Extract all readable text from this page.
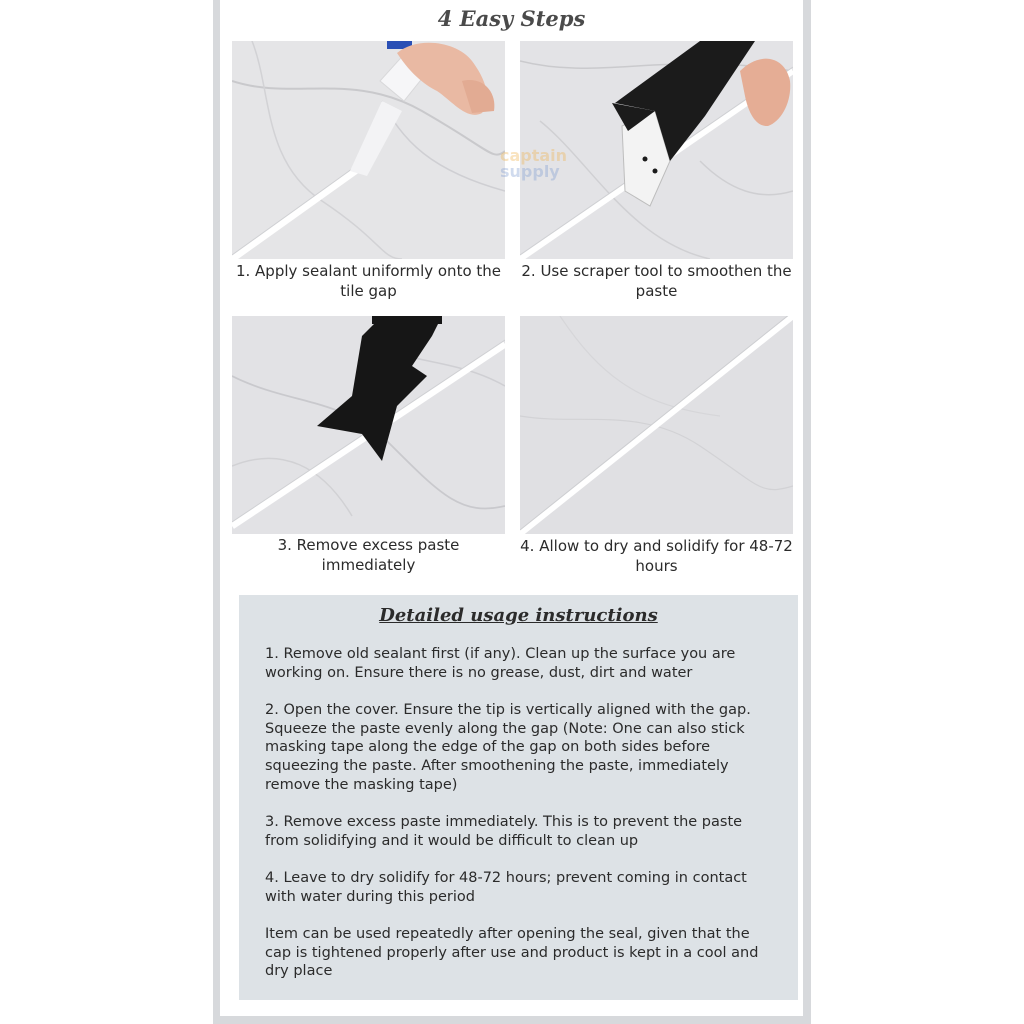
4 Easy Steps
1. Apply sealant uniformly onto the tile gap
2. Use scraper tool to smoothen the paste
3. Remove excess paste immediately
4. Allow to dry and solidify for 48-72 hours
captain
supply
Detailed usage instructions

1. Remove old sealant first (if any). Clean up the surface you are working on. Ensure there is no grease, dust, dirt and water

2. Open the cover. Ensure the tip is vertically aligned with the gap. Squeeze the paste evenly along the gap (Note: One can also stick masking tape along the edge of the gap on both sides before squeezing the paste. After smoothening the paste, immediately remove the masking tape)

3. Remove excess paste immediately. This is to prevent the paste from solidifying and it would be difficult to clean up

4. Leave to dry solidify for 48-72 hours; prevent coming in contact with water during this period

Item can be used repeatedly after opening the seal, given that the cap is tightened properly after use and product is kept in a cool and dry place
